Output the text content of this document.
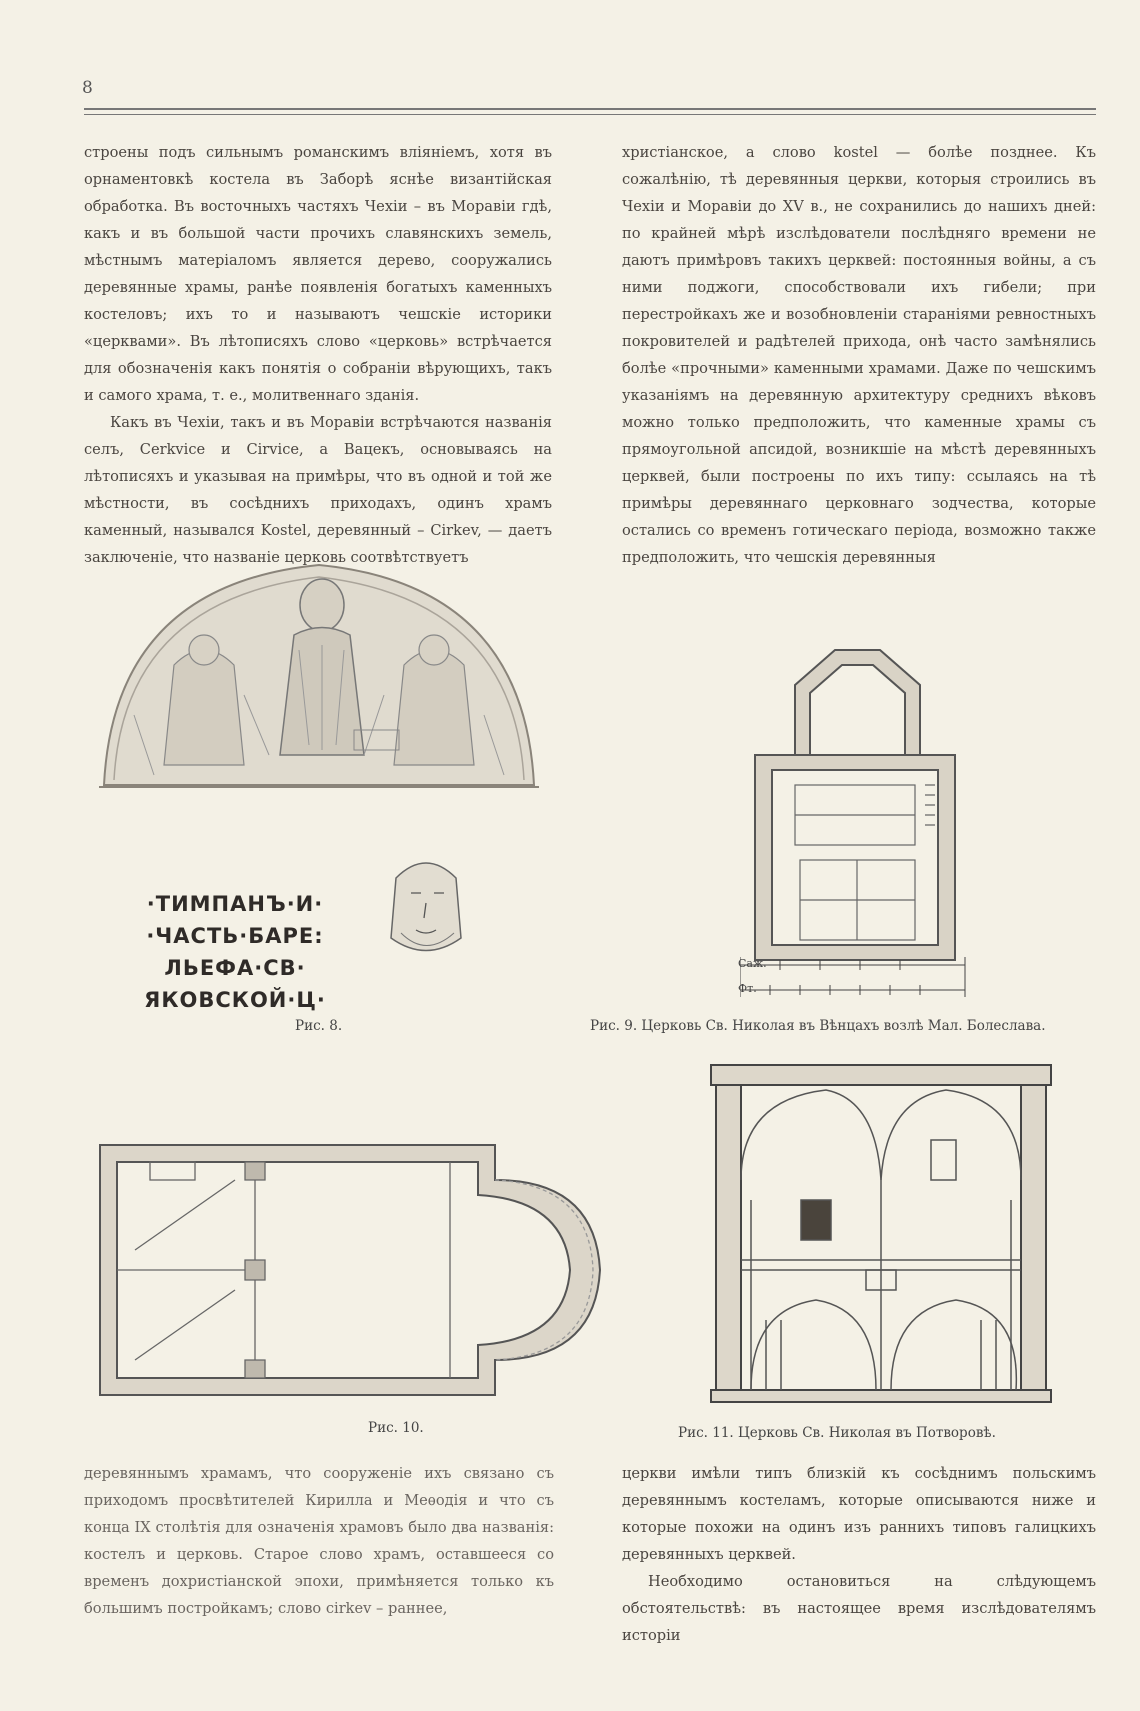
8

строены подъ сильнымъ романскимъ вліяніемъ, хотя въ орнаментовкѣ костела въ Заборѣ яснѣе византійская обработка. Въ восточныхъ частяхъ Чехіи – въ Моравіи гдѣ, какъ и въ большой части прочихъ славянскихъ земель, мѣстнымъ матеріаломъ является дерево, сооружались деревянные храмы, ранѣе появленія богатыхъ каменныхъ костеловъ; ихъ то и называютъ чешскіе историки «церквами». Въ лѣтописяхъ слово «церковь» встрѣчается для обозначенія какъ понятія о собраніи вѣрующихъ, такъ и самого храма, т. е., молитвеннаго зданія.

Какъ въ Чехіи, такъ и въ Моравіи встрѣчаются названія селъ, Cerkvice и Cirvice, а Вацекъ, основываясь на лѣтописяхъ и указывая на примѣры, что въ одной и той же мѣстности, въ сосѣднихъ приходахъ, одинъ храмъ каменный, назывался Kostel, деревянный – Cirkev, — даетъ заключеніе, что названіе церковь соотвѣтствуетъ

христіанское, а слово kostel — болѣе позднее. Къ сожалѣнію, тѣ деревянныя церкви, которыя строились въ Чехіи и Моравіи до XV в., не сохранились до нашихъ дней: по крайней мѣрѣ изслѣдователи послѣдняго времени не даютъ примѣровъ такихъ церквей: постоянныя войны, а съ ними поджоги, способствовали ихъ гибели; при перестройкахъ же и возобновленіи стараніями ревностныхъ покровителей и радѣтелей прихода, онѣ часто замѣнялись болѣе «прочными» каменными храмами. Даже по чешскимъ указаніямъ на деревянную архитектуру среднихъ вѣковъ можно только предположить, что каменные храмы съ прямоугольной апсидой, возникшіе на мѣстѣ деревянныхъ церквей, были построены по ихъ типу: ссылаясь на тѣ примѣры деревяннаго церковнаго зодчества, которые остались со временъ готическаго періода, возможно также предположить, что чешскія деревянныя

·ТИМПАНЪ·И·
·ЧАСТЬ·БАРЕ:
ЛЬЕФА·СВ·
ЯКОВСКОЙ·Ц·
Рис. 8.
Саж.
Фт.
Рис. 9. Церковь Св. Николая въ Вѣнцахъ возлѣ Мал. Болеслава.
Рис. 10.	Рис. 11. Церковь Св. Николая въ Потворовѣ.

деревяннымъ храмамъ, что сооруженіе ихъ связано съ приходомъ просвѣтителей Кирилла и Меѳодія и что съ конца IX столѣтія для означенія храмовъ было два названія: костелъ и церковь. Старое слово храмъ, оставшееся со временъ дохристіанской эпохи, примѣняется только къ большимъ постройкамъ; слово cirkev – раннее,

церкви имѣли типъ близкій къ сосѣднимъ польскимъ деревяннымъ костеламъ, которые описываются ниже и которые похожи на одинъ изъ раннихъ типовъ галицкихъ деревянныхъ церквей.

Необходимо остановиться на слѣдующемъ обстоятельствѣ: въ настоящее время изслѣдователямъ исторіи
